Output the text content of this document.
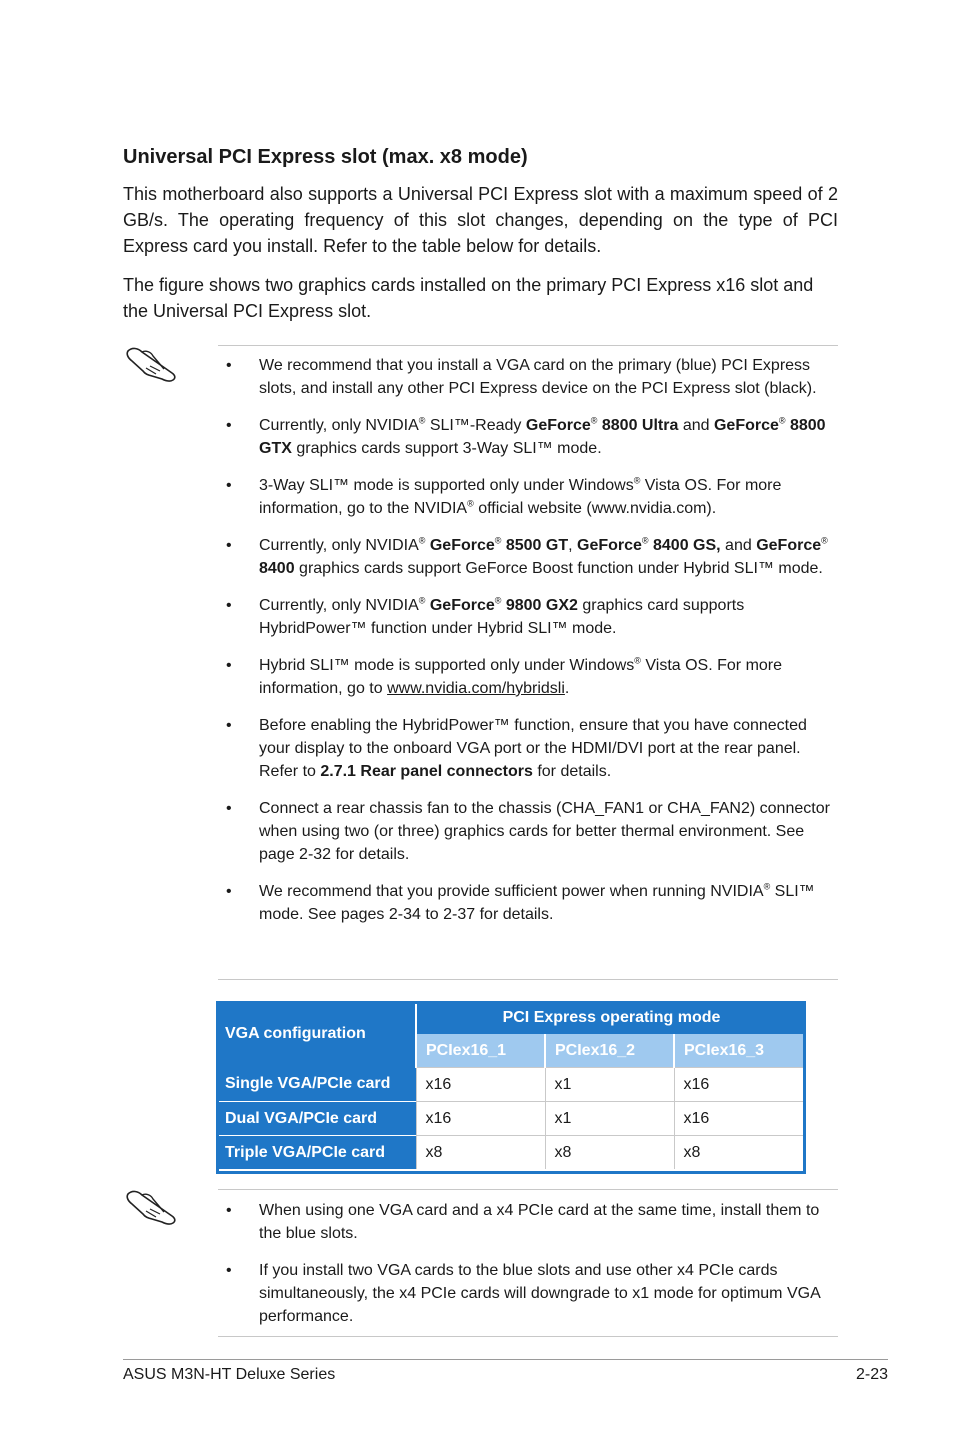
Universal PCI Express slot (max. x8 mode)

This motherboard also supports a Universal PCI Express slot with a maximum speed of 2 GB/s. The operating frequency of this slot changes, depending on the type of PCI Express card you install. Refer to the table below for details.

The figure shows two graphics cards installed on the primary PCI Express x16 slot and the Universal PCI Express slot.

• We recommend that you install a VGA card on the primary (blue) PCI Express slots, and install any other PCI Express device on the PCI Express slot (black).
• Currently, only NVIDIA® SLI™-Ready GeForce® 8800 Ultra and GeForce® 8800 GTX graphics cards support 3-Way SLI™ mode.
• 3-Way SLI™ mode is supported only under Windows® Vista OS. For more information, go to the NVIDIA® official website (www.nvidia.com).
• Currently, only NVIDIA® GeForce® 8500 GT, GeForce® 8400 GS, and GeForce® 8400 graphics cards support GeForce Boost function under Hybrid SLI™ mode.
• Currently, only NVIDIA® GeForce® 9800 GX2 graphics card supports HybridPower™ function under Hybrid SLI™ mode.
• Hybrid SLI™ mode is supported only under Windows® Vista OS. For more information, go to www.nvidia.com/hybridsli.
• Before enabling the HybridPower™ function, ensure that you have connected your display to the onboard VGA port or the HDMI/DVI port at the rear panel. Refer to 2.7.1 Rear panel connectors for details.
• Connect a rear chassis fan to the chassis (CHA_FAN1 or CHA_FAN2) connector when using two (or three) graphics cards for better thermal environment. See page 2-32 for details.
• We recommend that you provide sufficient power when running NVIDIA® SLI™ mode. See pages 2-34 to 2-37 for details.
VGA configuration	PCI Express operating mode		
	PCIex16_1	PCIex16_2	PCIex16_3
Single VGA/PCIe card	x16	x1	x16
Dual VGA/PCIe card	x16	x1	x16
Triple VGA/PCIe card	x8	x8	x8
• When using one VGA card and a x4 PCIe card at the same time, install them to the blue slots.
• If you install two VGA cards to the blue slots and use other x4 PCIe cards simultaneously, the x4 PCIe cards will downgrade to x1 mode for optimum VGA performance.
ASUS M3N-HT Deluxe Series	2-23
